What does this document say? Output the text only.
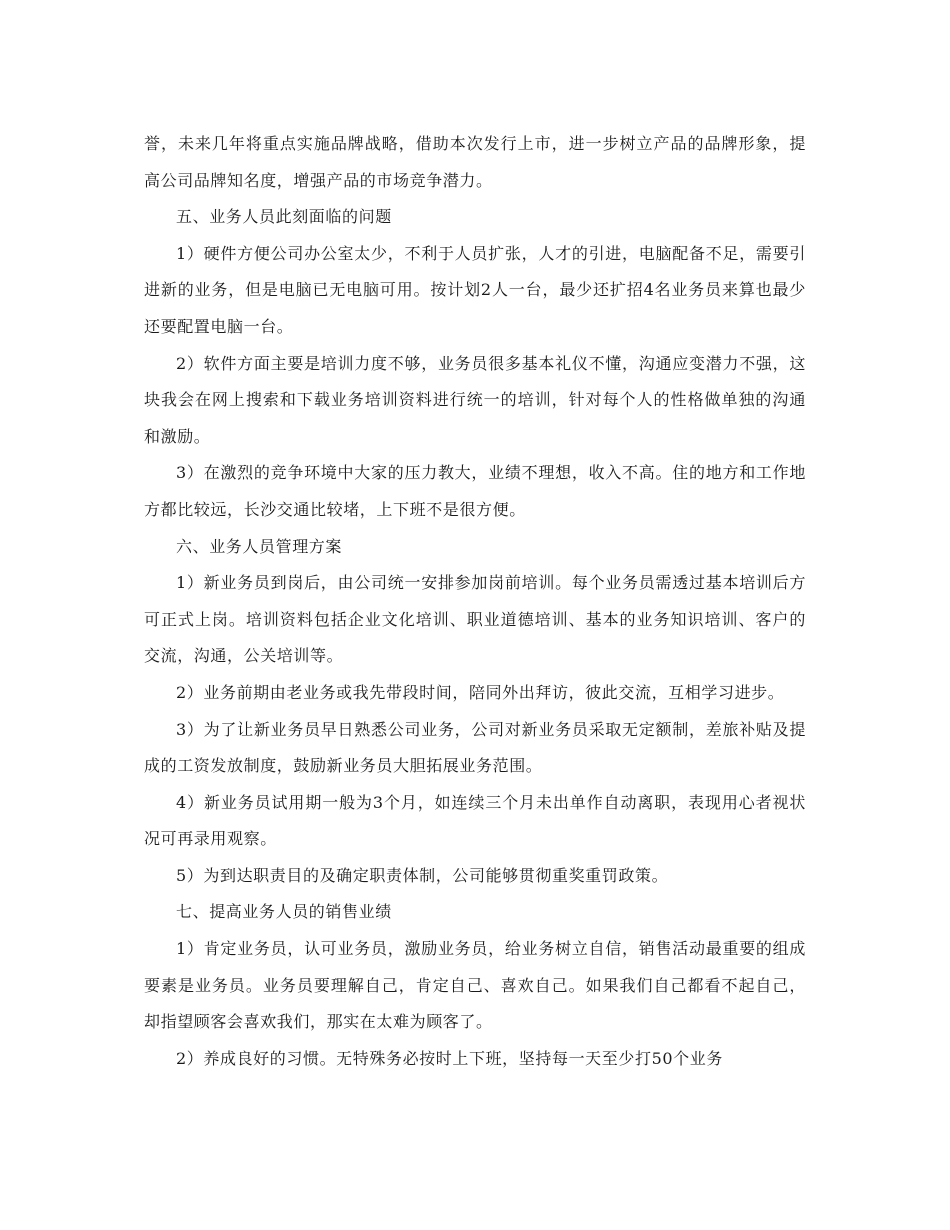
誉，未来几年将重点实施品牌战略，借助本次发行上市，进一步树立产品的品牌形象，提高公司品牌知名度，增强产品的市场竞争潜力。

五、业务人员此刻面临的问题

1）硬件方便公司办公室太少，不利于人员扩张，人才的引进，电脑配备不足，需要引进新的业务，但是电脑已无电脑可用。按计划2人一台，最少还扩招4名业务员来算也最少还要配置电脑一台。

2）软件方面主要是培训力度不够，业务员很多基本礼仪不懂，沟通应变潜力不强，这块我会在网上搜索和下载业务培训资料进行统一的培训，针对每个人的性格做单独的沟通和激励。

3）在激烈的竞争环境中大家的压力教大，业绩不理想，收入不高。住的地方和工作地方都比较远，长沙交通比较堵，上下班不是很方便。

六、业务人员管理方案

1）新业务员到岗后，由公司统一安排参加岗前培训。每个业务员需透过基本培训后方可正式上岗。培训资料包括企业文化培训、职业道德培训、基本的业务知识培训、客户的交流，沟通，公关培训等。

2）业务前期由老业务或我先带段时间，陪同外出拜访，彼此交流，互相学习进步。

3）为了让新业务员早日熟悉公司业务，公司对新业务员采取无定额制，差旅补贴及提成的工资发放制度，鼓励新业务员大胆拓展业务范围。

4）新业务员试用期一般为3个月，如连续三个月未出单作自动离职，表现用心者视状况可再录用观察。

5）为到达职责目的及确定职责体制，公司能够贯彻重奖重罚政策。

七、提高业务人员的销售业绩

1）肯定业务员，认可业务员，激励业务员，给业务树立自信，销售活动最重要的组成要素是业务员。业务员要理解自己，肯定自己、喜欢自己。如果我们自己都看不起自己，却指望顾客会喜欢我们，那实在太难为顾客了。

2）养成良好的习惯。无特殊务必按时上下班，坚持每一天至少打50个业务
